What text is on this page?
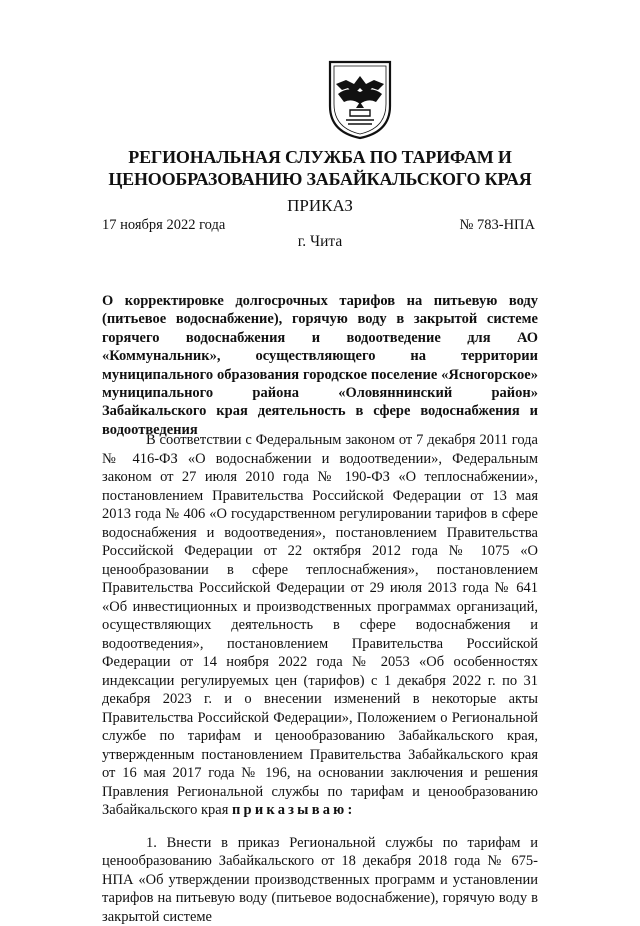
РЕГИОНАЛЬНАЯ СЛУЖБА ПО ТАРИФАМ И
ЦЕНООБРАЗОВАНИЮ ЗАБАЙКАЛЬСКОГО КРАЯ
ПРИКАЗ
17 ноября 2022 года	№ 783-НПА
г. Чита
О корректировке долгосрочных тарифов на питьевую воду (питьевое водоснабжение), горячую воду в закрытой системе горячего водоснабжения и водоотведение для АО «Коммунальник», осуществляющего на территории муниципального образования городское поселение «Ясногорское» муниципального района «Оловяннинский район» Забайкальского края деятельность в сфере водоснабжения и водоотведения

В соответствии с Федеральным законом от 7 декабря 2011 года № 416-ФЗ «О водоснабжении и водоотведении», Федеральным законом от 27 июля 2010 года № 190-ФЗ «О теплоснабжении», постановлением Правительства Российской Федерации от 13 мая 2013 года № 406 «О государственном регулировании тарифов в сфере водоснабжения и водоотведения», постановлением Правительства Российской Федерации от 22 октября 2012 года № 1075 «О ценообразовании в сфере теплоснабжения», постановлением Правительства Российской Федерации от 29 июля 2013 года № 641 «Об инвестиционных и производственных программах организаций, осуществляющих деятельность в сфере водоснабжения и водоотведения», постановлением Правительства Российской Федерации от 14 ноября 2022 года № 2053 «Об особенностях индексации регулируемых цен (тарифов) с 1 декабря 2022 г. по 31 декабря 2023 г. и о внесении изменений в некоторые акты Правительства Российской Федерации», Положением о Региональной службе по тарифам и ценообразованию Забайкальского края, утвержденным постановлением Правительства Забайкальского края от 16 мая 2017 года № 196, на основании заключения и решения Правления Региональной службы по тарифам и ценообразованию Забайкальского края приказываю:

1. Внести в приказ Региональной службы по тарифам и ценообразованию Забайкальского от 18 декабря 2018 года № 675-НПА «Об утверждении производственных программ и установлении тарифов на питьевую воду (питьевое водоснабжение), горячую воду в закрытой системе
